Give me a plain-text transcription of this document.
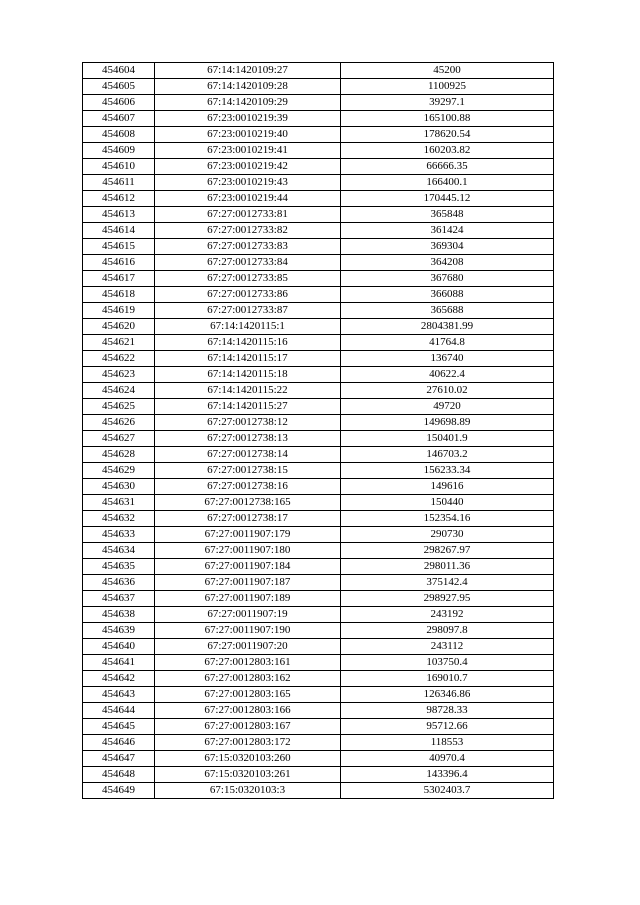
454604	67:14:1420109:27	45200
454605	67:14:1420109:28	1100925
454606	67:14:1420109:29	39297.1
454607	67:23:0010219:39	165100.88
454608	67:23:0010219:40	178620.54
454609	67:23:0010219:41	160203.82
454610	67:23:0010219:42	66666.35
454611	67:23:0010219:43	166400.1
454612	67:23:0010219:44	170445.12
454613	67:27:0012733:81	365848
454614	67:27:0012733:82	361424
454615	67:27:0012733:83	369304
454616	67:27:0012733:84	364208
454617	67:27:0012733:85	367680
454618	67:27:0012733:86	366088
454619	67:27:0012733:87	365688
454620	67:14:1420115:1	2804381.99
454621	67:14:1420115:16	41764.8
454622	67:14:1420115:17	136740
454623	67:14:1420115:18	40622.4
454624	67:14:1420115:22	27610.02
454625	67:14:1420115:27	49720
454626	67:27:0012738:12	149698.89
454627	67:27:0012738:13	150401.9
454628	67:27:0012738:14	146703.2
454629	67:27:0012738:15	156233.34
454630	67:27:0012738:16	149616
454631	67:27:0012738:165	150440
454632	67:27:0012738:17	152354.16
454633	67:27:0011907:179	290730
454634	67:27:0011907:180	298267.97
454635	67:27:0011907:184	298011.36
454636	67:27:0011907:187	375142.4
454637	67:27:0011907:189	298927.95
454638	67:27:0011907:19	243192
454639	67:27:0011907:190	298097.8
454640	67:27:0011907:20	243112
454641	67:27:0012803:161	103750.4
454642	67:27:0012803:162	169010.7
454643	67:27:0012803:165	126346.86
454644	67:27:0012803:166	98728.33
454645	67:27:0012803:167	95712.66
454646	67:27:0012803:172	118553
454647	67:15:0320103:260	40970.4
454648	67:15:0320103:261	143396.4
454649	67:15:0320103:3	5302403.7
